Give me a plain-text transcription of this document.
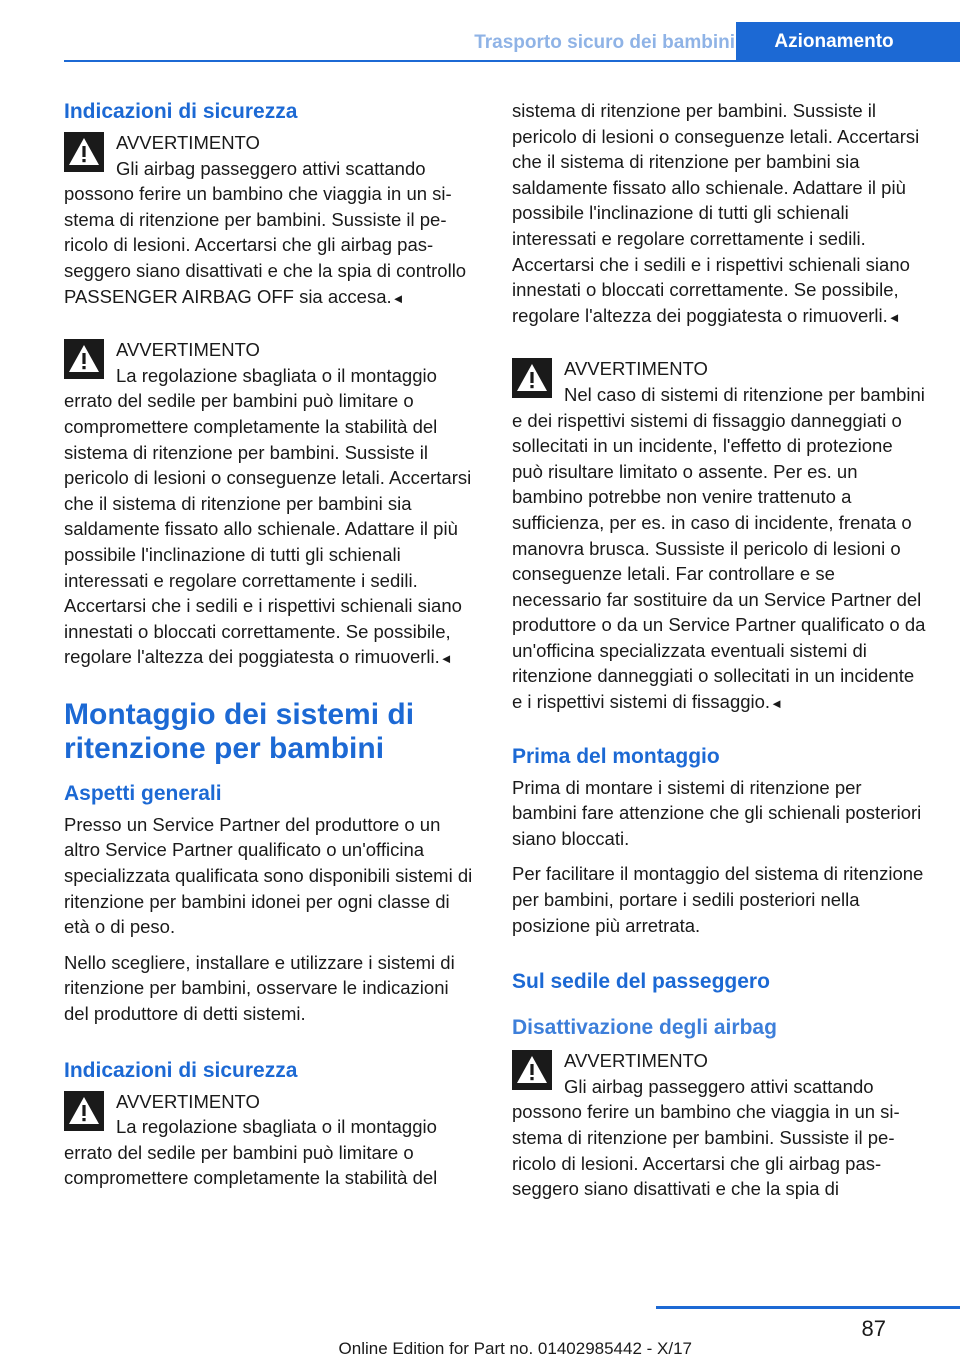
Trasporto sicuro dei bambini	Azionamento
Indicazioni di sicurezza
AVVERTIMENTO
Gli airbag passeggero attivi scattando possono ferire un bambino che viaggia in un sistema di ritenzione per bambini. Sussiste il pericolo di lesioni. Accertarsi che gli airbag passeggero siano disattivati e che la spia di controllo PASSENGER AIRBAG OFF sia accesa.◄
AVVERTIMENTO
La regolazione sbagliata o il montaggio errato del sedile per bambini può limitare o compromettere completamente la stabilità del sistema di ritenzione per bambini. Sussiste il pericolo di lesioni o conseguenze letali. Accertarsi che il sistema di ritenzione per bambini sia saldamente fissato allo schienale. Adattare il più possibile l'inclinazione di tutti gli schienali interessati e regolare correttamente i sedili. Accertarsi che i sedili e i rispettivi schienali siano innestati o bloccati correttamente. Se possibile, regolare l'altezza dei poggiatesta o rimuoverli.◄
Montaggio dei sistemi di ritenzione per bambini
Aspetti generali

Presso un Service Partner del produttore o un altro Service Partner qualificato o un'officina specializzata qualificata sono disponibili sistemi di ritenzione per bambini idonei per ogni classe di età o di peso.

Nello scegliere, installare e utilizzare i sistemi di ritenzione per bambini, osservare le indicazioni del produttore di detti sistemi.

Indicazioni di sicurezza
AVVERTIMENTO
La regolazione sbagliata o il montaggio errato del sedile per bambini può limitare o compromettere completamente la stabilità del

sistema di ritenzione per bambini. Sussiste il pericolo di lesioni o conseguenze letali. Accertarsi che il sistema di ritenzione per bambini sia saldamente fissato allo schienale. Adattare il più possibile l'inclinazione di tutti gli schienali interessati e regolare correttamente i sedili. Accertarsi che i sedili e i rispettivi schienali siano innestati o bloccati correttamente. Se possibile, regolare l'altezza dei poggiatesta o rimuoverli.◄

AVVERTIMENTO
Nel caso di sistemi di ritenzione per bambini e dei rispettivi sistemi di fissaggio danneggiati o sollecitati in un incidente, l'effetto di protezione può risultare limitato o assente. Per es. un bambino potrebbe non venire trattenuto a sufficienza, per es. in caso di incidente, frenata o manovra brusca. Sussiste il pericolo di lesioni o conseguenze letali. Far controllare e se necessario far sostituire da un Service Partner del produttore o da un Service Partner qualificato o da un'officina specializzata eventuali sistemi di ritenzione danneggiati o sollecitati in un incidente e i rispettivi sistemi di fissaggio.◄
Prima del montaggio

Prima di montare i sistemi di ritenzione per bambini fare attenzione che gli schienali posteriori siano bloccati.

Per facilitare il montaggio del sistema di ritenzione per bambini, portare i sedili posteriori nella posizione più arretrata.

Sul sedile del passeggero
Disattivazione degli airbag
AVVERTIMENTO
Gli airbag passeggero attivi scattando possono ferire un bambino che viaggia in un sistema di ritenzione per bambini. Sussiste il pericolo di lesioni. Accertarsi che gli airbag passeggero siano disattivati e che la spia di
87
Online Edition for Part no. 01402985442 - X/17
